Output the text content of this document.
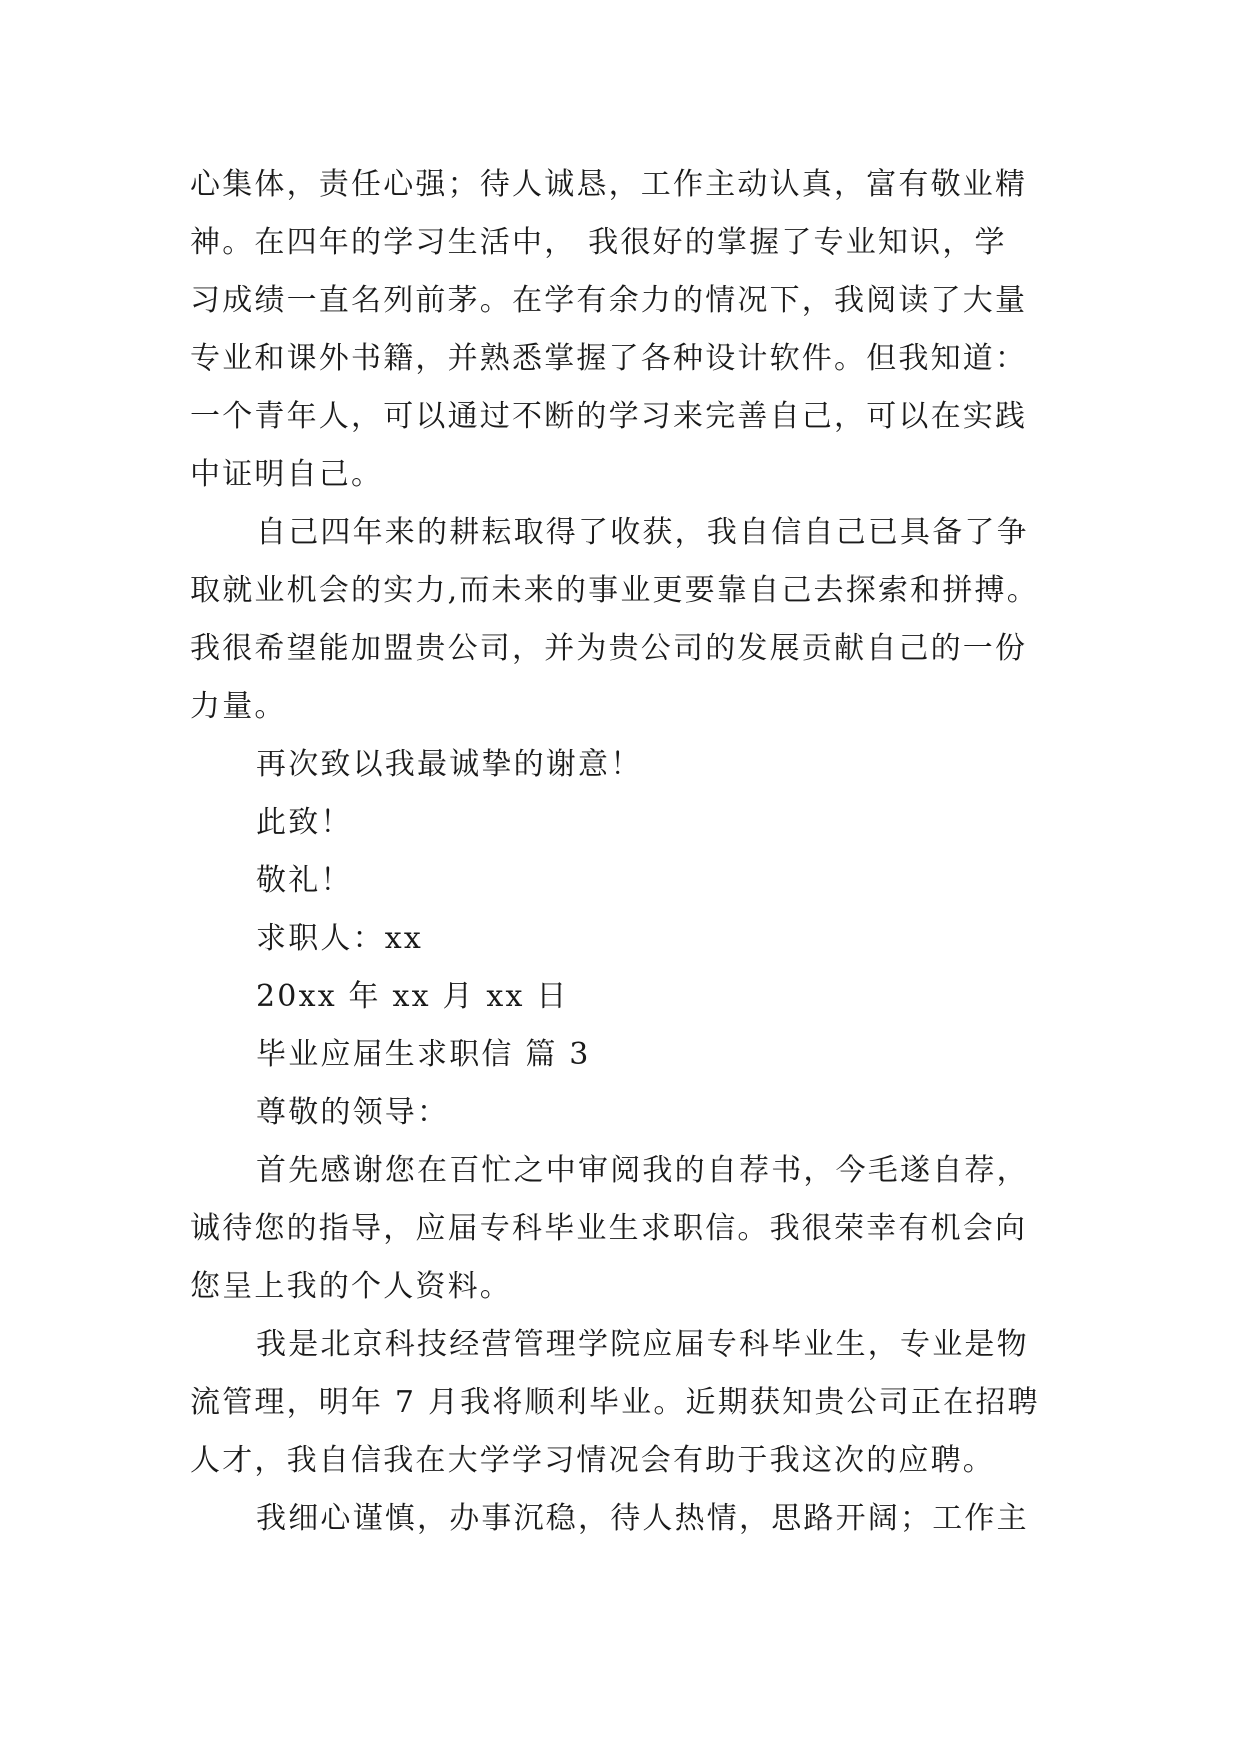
心集体，责任心强；待人诚恳，工作主动认真，富有敬业精
神。在四年的学习生活中， 我很好的掌握了专业知识，学
习成绩一直名列前茅。在学有余力的情况下，我阅读了大量
专业和课外书籍，并熟悉掌握了各种设计软件。但我知道：
一个青年人，可以通过不断的学习来完善自己，可以在实践
中证明自己。
自己四年来的耕耘取得了收获，我自信自己已具备了争
取就业机会的实力,而未来的事业更要靠自己去探索和拼搏。
我很希望能加盟贵公司，并为贵公司的发展贡献自己的一份
力量。
再次致以我最诚挚的谢意！
此致！
敬礼！
求职人：xx
20xx 年 xx 月 xx 日
毕业应届生求职信 篇 3
尊敬的领导：
首先感谢您在百忙之中审阅我的自荐书，今毛遂自荐，
诚待您的指导，应届专科毕业生求职信。我很荣幸有机会向
您呈上我的个人资料。
我是北京科技经营管理学院应届专科毕业生，专业是物
流管理，明年 7 月我将顺利毕业。近期获知贵公司正在招聘
人才，我自信我在大学学习情况会有助于我这次的应聘。
我细心谨慎，办事沉稳，待人热情，思路开阔；工作主
